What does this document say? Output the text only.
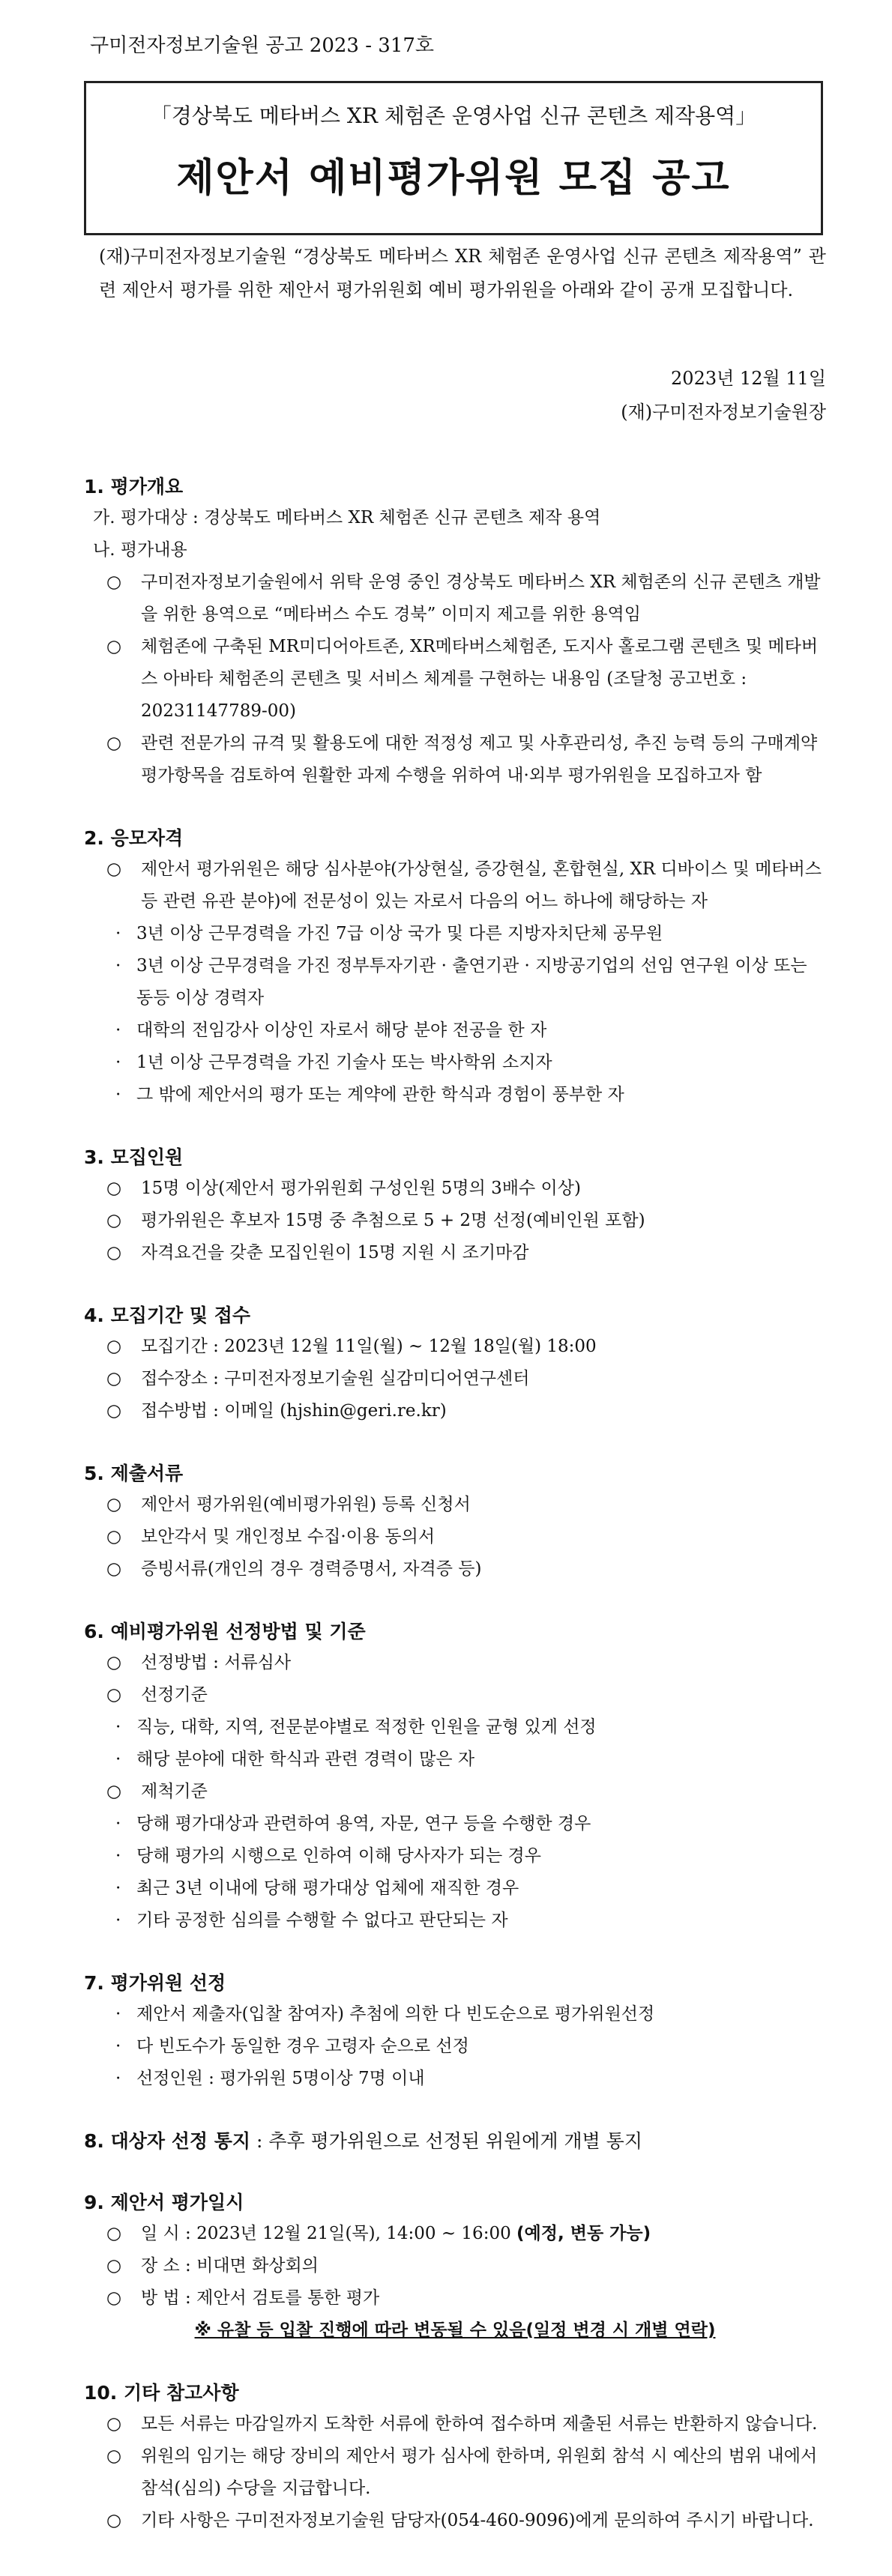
구미전자정보기술원 공고 2023 - 317호
「경상북도 메타버스 XR 체험존 운영사업 신규 콘텐츠 제작용역」
제안서 예비평가위원 모집 공고
(재)구미전자정보기술원 “경상북도 메타버스 XR 체험존 운영사업 신규 콘텐츠 제작용역” 관련 제안서 평가를 위한 제안서 평가위원회 예비 평가위원을 아래와 같이 공개 모집합니다.
2023년 12월 11일
(재)구미전자정보기술원장
1. 평가개요
가. 평가대상 : 경상북도 메타버스 XR 체험존 신규 콘텐츠 제작 용역
나. 평가내용
○ 구미전자정보기술원에서 위탁 운영 중인 경상북도 메타버스 XR 체험존의 신규 콘텐츠 개발을 위한 용역으로 “메타버스 수도 경북” 이미지 제고를 위한 용역임
○ 체험존에 구축된 MR미디어아트존, XR메타버스체험존, 도지사 홀로그램 콘텐츠 및 메타버스 아바타 체험존의 콘텐츠 및 서비스 체계를 구현하는 내용임 (조달청 공고번호 : 20231147789-00)
○ 관련 전문가의 규격 및 활용도에 대한 적정성 제고 및 사후관리성, 추진 능력 등의 구매계약 평가항목을 검토하여 원활한 과제 수행을 위하여 내·외부 평가위원을 모집하고자 함
2. 응모자격
○ 제안서 평가위원은 해당 심사분야(가상현실, 증강현실, 혼합현실, XR 디바이스 및 메타버스 등 관련 유관 분야)에 전문성이 있는 자로서 다음의 어느 하나에 해당하는 자
· 3년 이상 근무경력을 가진 7급 이상 국가 및 다른 지방자치단체 공무원
· 3년 이상 근무경력을 가진 정부투자기관 · 출연기관 · 지방공기업의 선임 연구원 이상 또는 동등 이상 경력자
· 대학의 전임강사 이상인 자로서 해당 분야 전공을 한 자
· 1년 이상 근무경력을 가진 기술사 또는 박사학위 소지자
· 그 밖에 제안서의 평가 또는 계약에 관한 학식과 경험이 풍부한 자
3. 모집인원
○ 15명 이상(제안서 평가위원회 구성인원 5명의 3배수 이상)
○ 평가위원은 후보자 15명 중 추첨으로 5 + 2명 선정(예비인원 포함)
○ 자격요건을 갖춘 모집인원이 15명 지원 시 조기마감
4. 모집기간 및 접수
○ 모집기간 : 2023년 12월 11일(월) ~ 12월 18일(월) 18:00
○ 접수장소 : 구미전자정보기술원 실감미디어연구센터
○ 접수방법 : 이메일 (hjshin@geri.re.kr)
5. 제출서류
○ 제안서 평가위원(예비평가위원) 등록 신청서
○ 보안각서 및 개인정보 수집·이용 동의서
○ 증빙서류(개인의 경우 경력증명서, 자격증 등)
6. 예비평가위원 선정방법 및 기준
○ 선정방법 : 서류심사
○ 선정기준
· 직능, 대학, 지역, 전문분야별로 적정한 인원을 균형 있게 선정
· 해당 분야에 대한 학식과 관련 경력이 많은 자
○ 제척기준
· 당해 평가대상과 관련하여 용역, 자문, 연구 등을 수행한 경우
· 당해 평가의 시행으로 인하여 이해 당사자가 되는 경우
· 최근 3년 이내에 당해 평가대상 업체에 재직한 경우
· 기타 공정한 심의를 수행할 수 없다고 판단되는 자
7. 평가위원 선정
· 제안서 제출자(입찰 참여자) 추첨에 의한 다 빈도순으로 평가위원선정
· 다 빈도수가 동일한 경우 고령자 순으로 선정
· 선정인원 : 평가위원 5명이상 7명 이내
8. 대상자 선정 통지 : 추후 평가위원으로 선정된 위원에게 개별 통지
9. 제안서 평가일시
○ 일 시 : 2023년 12월 21일(목), 14:00 ~ 16:00 (예정, 변동 가능)
○ 장 소 : 비대면 화상회의
○ 방 법 : 제안서 검토를 통한 평가
※ 유찰 등 입찰 진행에 따라 변동될 수 있음(일정 변경 시 개별 연락)
10. 기타 참고사항
○ 모든 서류는 마감일까지 도착한 서류에 한하여 접수하며 제출된 서류는 반환하지 않습니다.
○ 위원의 임기는 해당 장비의 제안서 평가 심사에 한하며, 위원회 참석 시 예산의 범위 내에서 참석(심의) 수당을 지급합니다.
○ 기타 사항은 구미전자정보기술원 담당자(054-460-9096)에게 문의하여 주시기 바랍니다.
